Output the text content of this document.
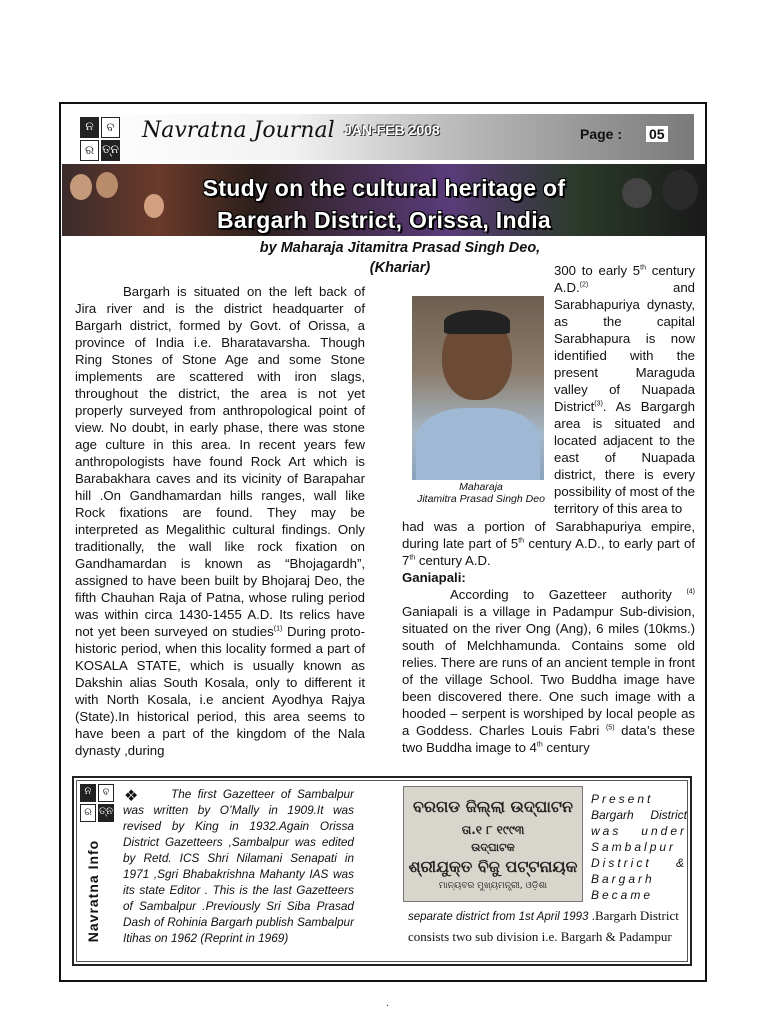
ନ	ବ
ର ତ୍ନ
Navratna Journal JAN-FEB 2008	Page : 05
Study on the cultural heritage of
Bargarh District, Orissa, India
by Maharaja Jitamitra Prasad Singh Deo,
(Khariar)

Bargarh is situated on the left back of Jira river and is the district headquarter of Bargarh district, formed by Govt. of Orissa, a province of India i.e. Bharatavarsha. Though Ring Stones of Stone Age and some Stone implements are scattered with iron slags, throughout the district, the area is not yet properly surveyed from anthropological point of view. No doubt, in early phase, there was stone age culture in this area. In recent years few anthropologists have found Rock Art which is Barabakhara caves and its vicinity of Barapahar hill .On Gandhamardan hills ranges, wall like Rock fixations are found. They may be interpreted as Megalithic cultural findings. Only traditionally, the wall like rock fixation on Gandhamardan is known as “Bhojagardh”, assigned to have been built by Bhojaraj Deo, the fifth Chauhan Raja of Patna, whose ruling period was within circa 1430-1455 A.D. Its relics have not yet been surveyed on studies$^{(1)}$ During proto-historic period, when this locality formed a part of KOSALA STATE, which is usually known as Dakshin alias South Kosala, only to different it with North Kosala, i.e ancient Ayodhya Rajya (State).In historical period, this area seems to have been a part of the kingdom of the Nala dynasty ,during

Maharaja
Jitamitra Prasad Singh Deo
300 to early 5th century A.D.$^{(2)}$ and Sarabhapuriya dynasty, as the capital Sarabhapura is now identified with the present Maraguda valley of Nuapada District$^{(3)}$. As Bargargh area is situated and located adjacent to the east of Nuapada district, there is every possibility of most of the territory of this area to

had was a portion of Sarabhapuriya empire, during late part of 5th century A.D., to early part of 7th century A.D.

Ganiapali:

According to Gazetteer authority $^{(4)}$ Ganiapali is a village in Padampur Sub-division, situated on the river Ong (Ang), 6 miles (10kms.) south of Melchhamunda. Contains some old relies. There are runs of an ancient temple in front of the village School. Two Buddha image have been discovered there. One such image with a hooded – serpent is worshiped by local people as a Goddess. Charles Louis Fabri $^{(5)}$ data’s these two Buddha image to 4th century

ନ	ବ
ର ତ୍ନ
Navratna Info
❖	The first Gazetteer of Sambalpur was written by O’Mally in 1909.It was revised by King in 1932.Again Orissa District Gazetteers ,Sambalpur was edited by Retd. ICS Shri Nilamani Senapati in 1971 ,Sgri Bhabakrishna Mahanty IAS was its state Editor . This is the last Gazetteers of Sambalpur .Previously Sri Siba Prasad Dash of Rohinia Bargarh publish Sambalpur Itihas on 1962 (Reprint in 1969)
ବରଗଡ ଜିଲ୍ଲା ଉଦ୍‌ଘାଟନ
ତା.୧ ୮ ୧୯୯୩
ଉଦ୍‌ଘାଟକ
ଶ୍ରୀଯୁକ୍ତ ବିଜୁ ପଟ୍ଟନାୟକ
ମାନ୍ୟବର ମୁଖ୍ୟମନ୍ତ୍ରୀ, ଓଡ଼ିଶା
Present
Bargarh District
was under
Sambalpur
District &
Bargarh
Became
separate district from 1st April 1993 .Bargarh District consists two sub division i.e. Bargarh & Padampur
.
